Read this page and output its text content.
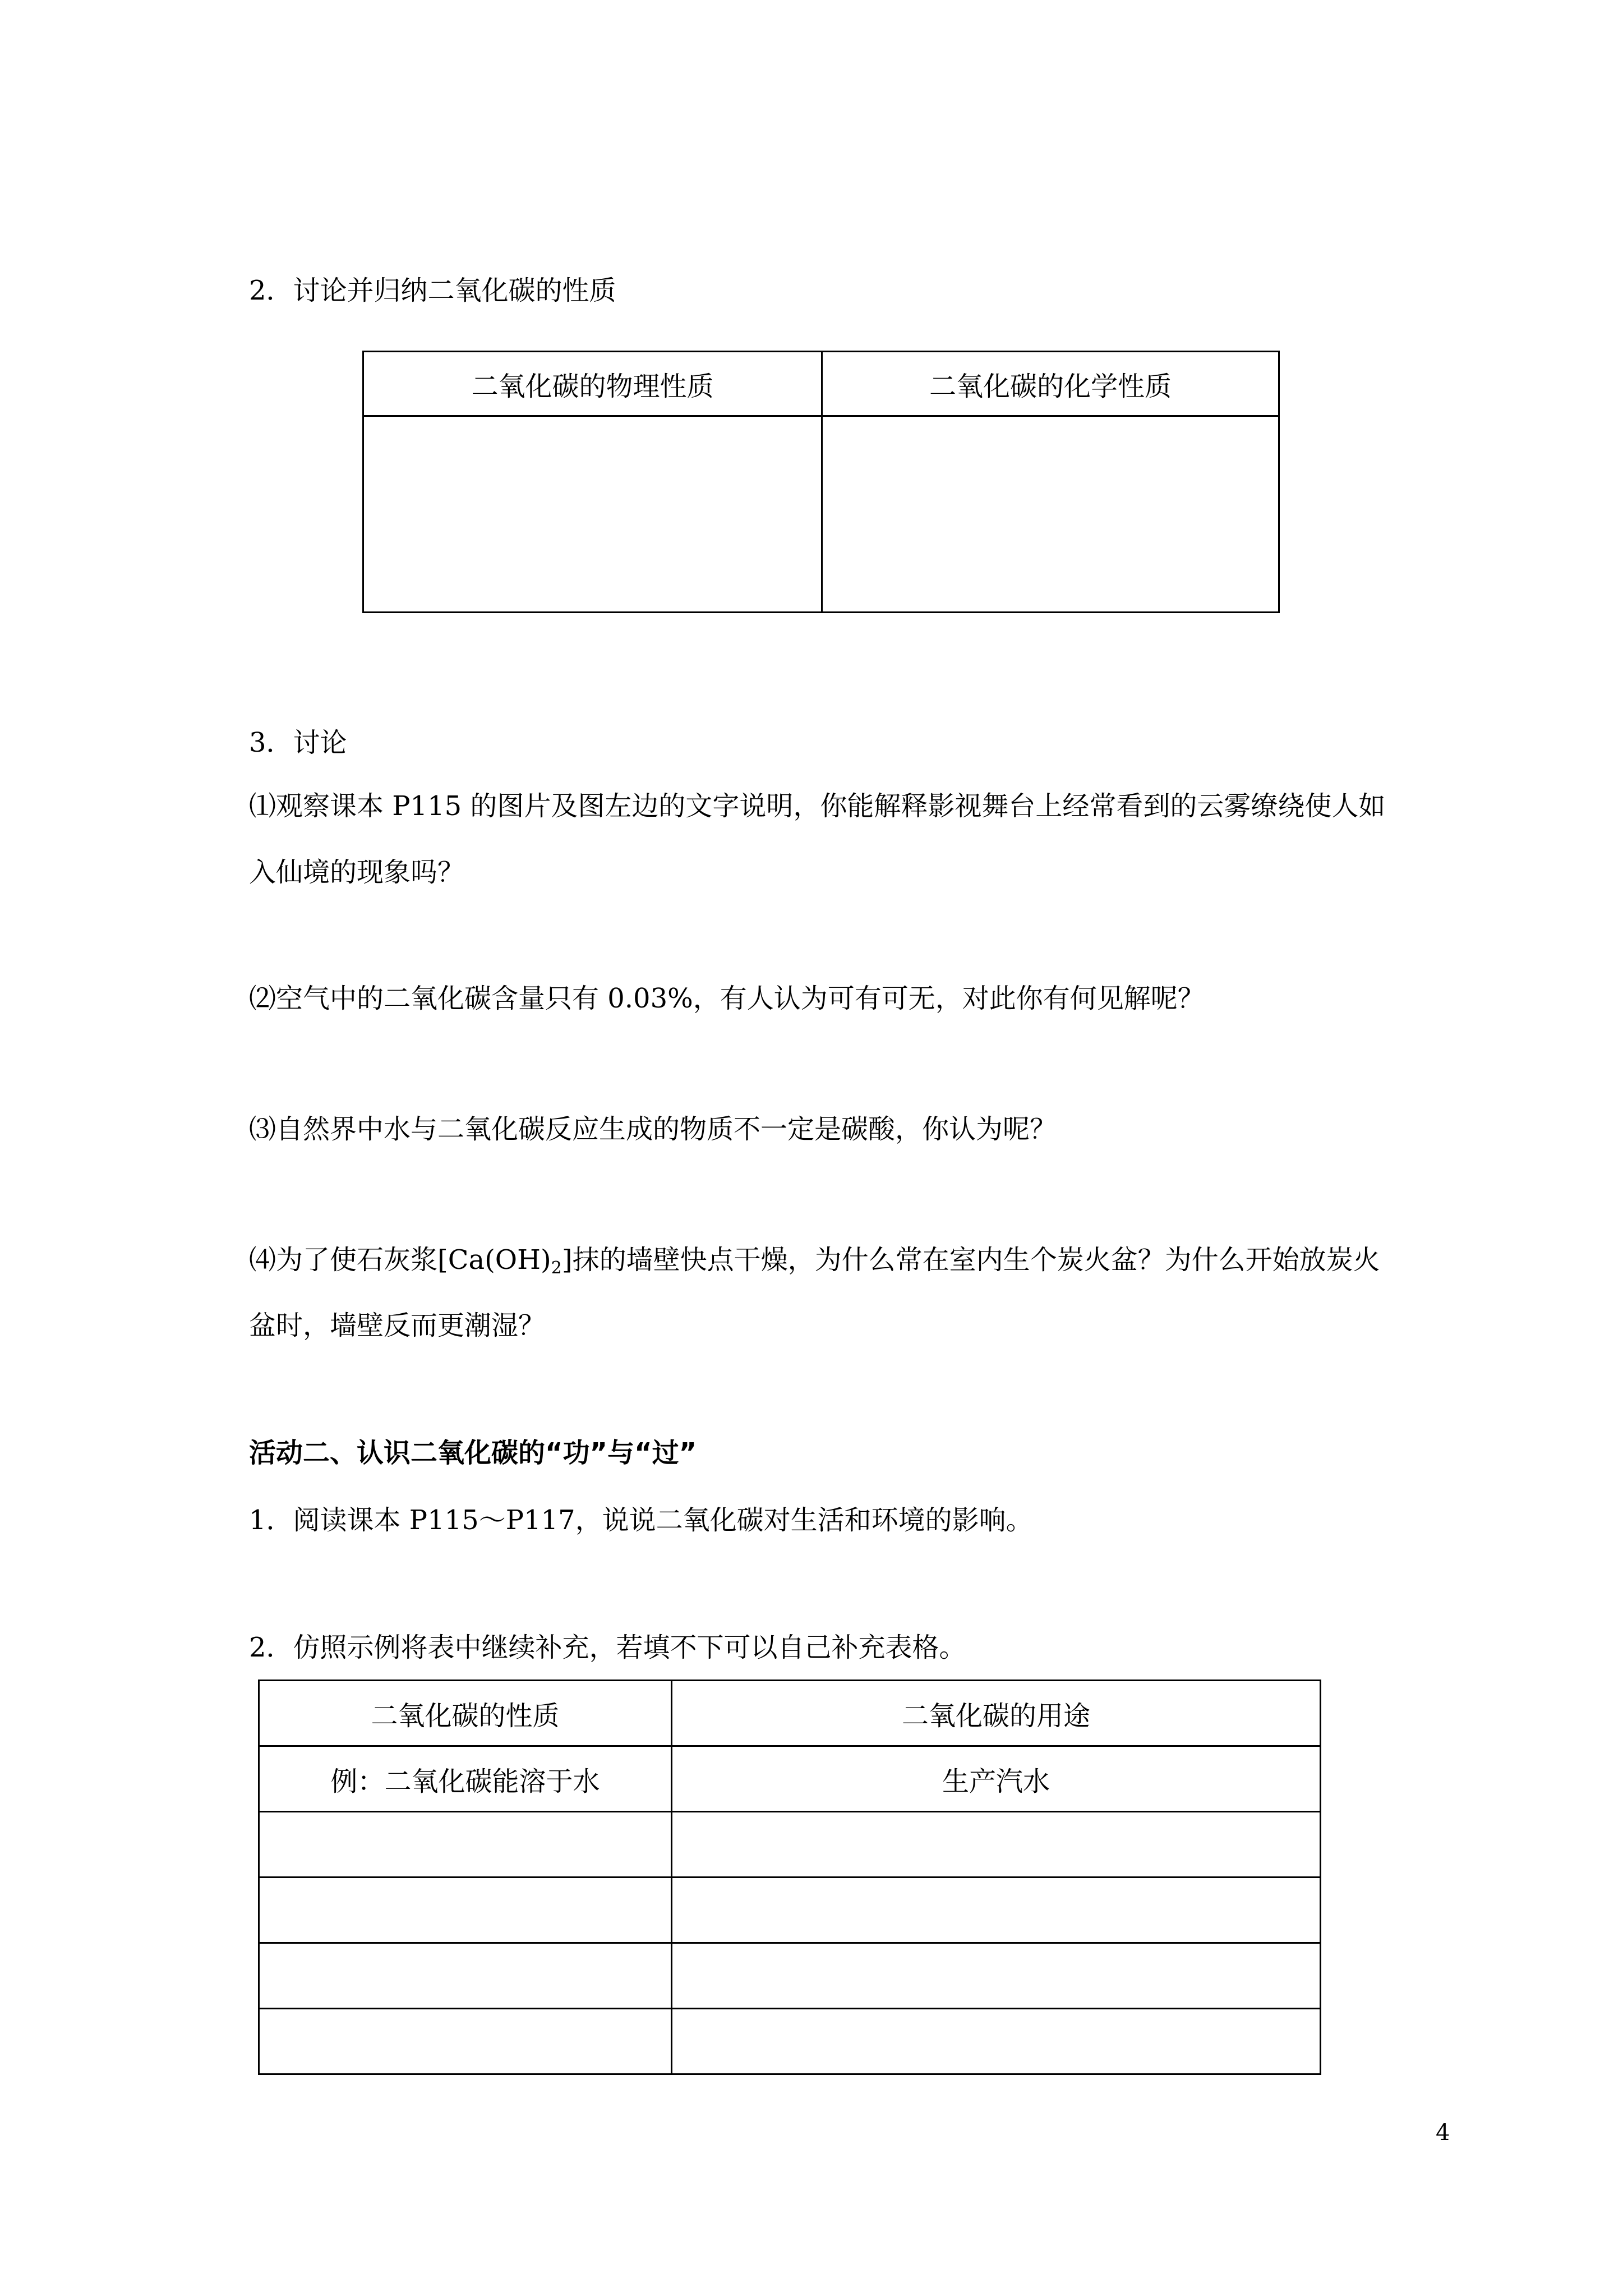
2．讨论并归纳二氧化碳的性质
二氧化碳的物理性质	二氧化碳的化学性质

3．讨论
⑴观察课本 P115 的图片及图左边的文字说明，你能解释影视舞台上经常看到的云雾缭绕使人如
入仙境的现象吗？
⑵空气中的二氧化碳含量只有 0.03%，有人认为可有可无，对此你有何见解呢？
⑶自然界中水与二氧化碳反应生成的物质不一定是碳酸，你认为呢？
⑷为了使石灰浆$[Ca(OH)_2]$抹的墙壁快点干燥，为什么常在室内生个炭火盆？为什么开始放炭火
盆时，墙壁反而更潮湿？
活动二、认识二氧化碳的“功”与“过”
1．阅读课本 P115～P117，说说二氧化碳对生活和环境的影响。
2．仿照示例将表中继续补充，若填不下可以自己补充表格。
二氧化碳的性质	二氧化碳的用途
例：二氧化碳能溶于水	生产汽水

4
